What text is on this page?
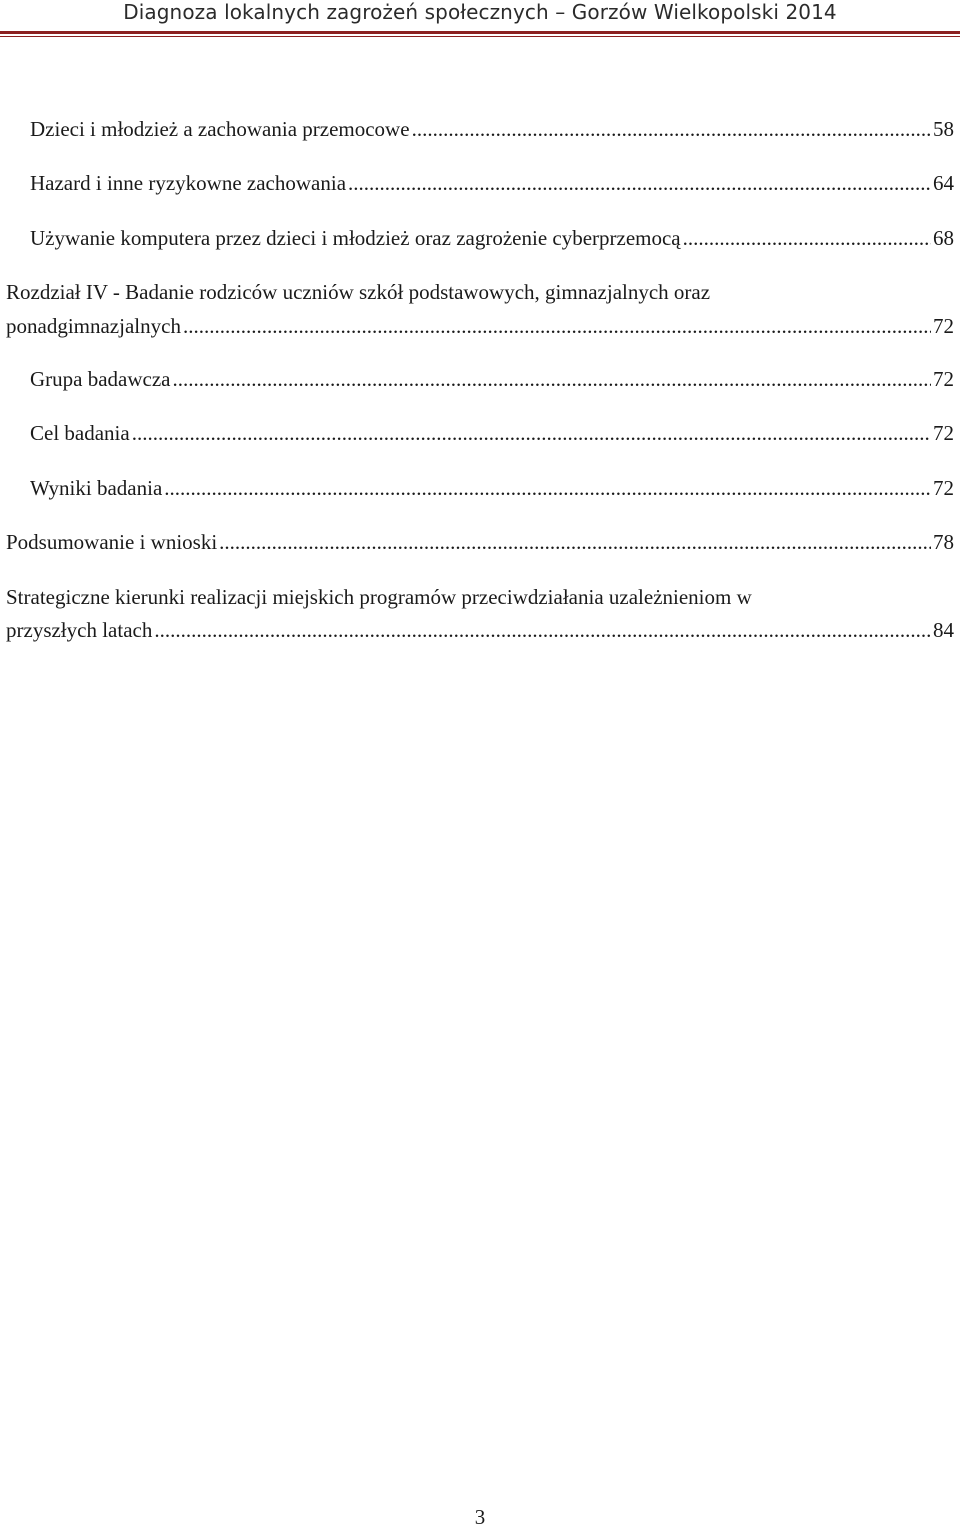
Diagnoza lokalnych zagrożeń społecznych – Gorzów Wielkopolski 2014
Dzieci i młodzież a zachowania przemocowe .....	58
Hazard i inne ryzykowne zachowania .....	64
Używanie komputera przez dzieci i młodzież oraz zagrożenie cyberprzemocą .....	68
Rozdział IV - Badanie rodziców uczniów szkół podstawowych, gimnazjalnych oraz
ponadgimnazjalnych .....	72
Grupa badawcza .....	72
Cel badania .....	72
Wyniki badania .....	72
Podsumowanie i wnioski .....	78
Strategiczne kierunki realizacji miejskich programów przeciwdziałania uzależnieniom w
przyszłych latach .....	84
3
